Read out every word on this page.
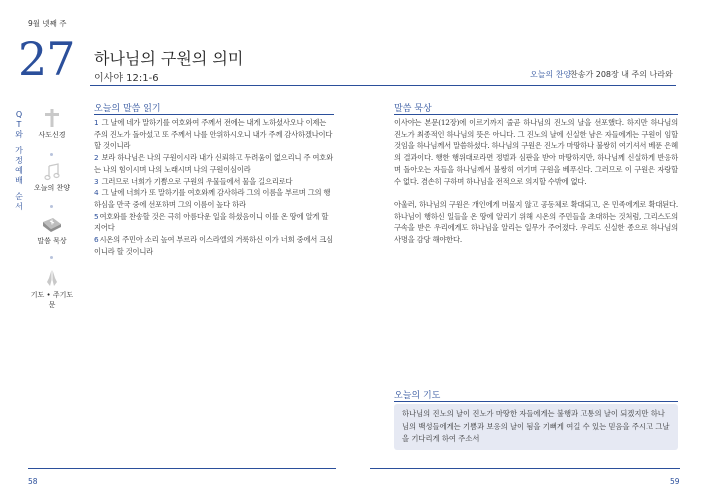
9월 넷째 주
27 하나님의 구원의 의미
이사야 12:1-6	오늘의 찬양
찬송가 208장 내 주의 나라와
Q
T
와
가
정
예
배
순
서
사도신경
오늘의 찬양
말씀 묵상
기도 • 주기도문
오늘의 말씀 읽기
1 그 날에 네가 말하기를 여호와여 주께서 전에는 내게 노하셨사오나 이제는 주의 진노가 돌아섰고 또 주께서 나를 안위하시오니 내가 주께 감사하겠나이다 할 것이니라
2 보라 하나님은 나의 구원이시라 내가 신뢰하고 두려움이 없으리니 주 여호와는 나의 힘이시며 나의 노래시며 나의 구원이심이라
3 그러므로 너희가 기쁨으로 구원의 우물들에서 물을 길으리로다
4 그 날에 너희가 또 말하기를 여호와께 감사하라 그의 이름을 부르며 그의 행하심을 만국 중에 선포하며 그의 이름이 높다 하라
5여호와를 찬송할 것은 극히 아름다운 일을 하셨음이니 이를 온 땅에 알게 할지어다
6시온의 주민아 소리 높여 부르라 이스라엘의 거룩하신 이가 너희 중에서 크심이니라 할 것이니라
말씀 묵상

이사야는 본문(12장)에 이르기까지 줄곧 하나님의 진노의 날을 선포했다. 하지만 하나님의 진노가 최종적인 하나님의 뜻은 아니다. 그 진노의 날에 신실한 남은 자들에게는 구원이 임할 것임을 하나님께서 말씀하셨다. 하나님의 구원은 진노가 마땅하나 불쌍히 여기셔서 베푼 은혜의 결과이다. 행한 행위대로라면 정벌과 심판을 받아 마땅하지만, 하나님께 신실하게 반응하며 돌아오는 자들을 하나님께서 불쌍히 여기며 구원을 베푸신다. 그러므로 이 구원은 자랑할 수 없다. 겸손히 구하며 하나님을 전적으로 의지할 수밖에 없다.

아울러, 하나님의 구원은 개인에게 머물지 않고 공동체로 확대되고, 온 민족에게로 확대된다. 하나님이 행하신 일들을 온 땅에 알리기 위해 시온의 주민들을 초대하는 것처럼, 그리스도의 구속을 받은 우리에게도 하나님을 알리는 일무가 주어졌다. 우리도 신실한 종으로 하나님의 사명을 감당 해야한다.

오늘의 기도
하나님의 진노의 날이 진노가 마땅한 자들에게는 불행과 고통의 날이 되겠지만 하나님의 백성들에게는 기쁨과 보응의 날이 됨을 기뻐게 여길 수 있는 믿음을 주시고 그날을 기다리게 하여 주소서
58	59
